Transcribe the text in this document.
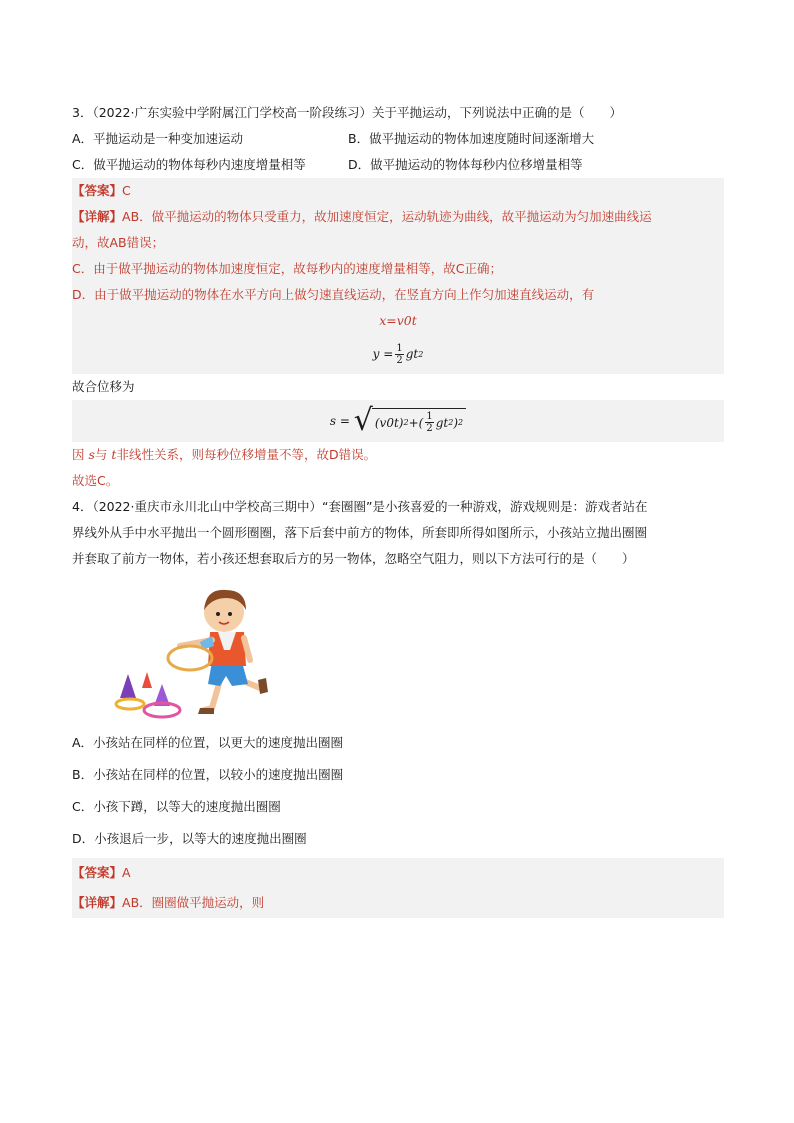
3．（2022·广东实验中学附属江门学校高一阶段练习）关于平抛运动，下列说法中正确的是（　　）
A．平抛运动是一种变加速运动	B．做平抛运动的物体加速度随时间逐渐增大
C．做平抛运动的物体每秒内速度增量相等	D．做平抛运动的物体每秒内位移增量相等
【答案】C
【详解】AB．做平抛运动的物体只受重力，故加速度恒定，运动轨迹为曲线，故平抛运动为匀加速曲线运
动，故AB错误；
C．由于做平抛运动的物体加速度恒定，故每秒内的速度增量相等，故C正确；
D．由于做平抛运动的物体在水平方向上做匀速直线运动，在竖直方向上作匀加速直线运动，有
x=v0t
$y = \frac{1}{2}$ gt 2
故合位移为
s =
√ (v0t) 2 +( $\frac{1}{2}$ gt 2 ) 2
因 s与 t非线性关系，则每秒位移增量不等，故D错误。
故选C。
4．（2022·重庆市永川北山中学校高三期中）“套圈圈”是小孩喜爱的一种游戏，游戏规则是：游戏者站在
界线外从手中水平抛出一个圆形圈圈，落下后套中前方的物体，所套即所得如图所示，小孩站立抛出圈圈
并套取了前方一物体，若小孩还想套取后方的另一物体，忽略空气阻力，则以下方法可行的是（　　）
A．小孩站在同样的位置，以更大的速度抛出圈圈
B．小孩站在同样的位置，以较小的速度抛出圈圈
C．小孩下蹲，以等大的速度抛出圈圈
D．小孩退后一步，以等大的速度抛出圈圈
【答案】A
【详解】AB．圈圈做平抛运动，则
